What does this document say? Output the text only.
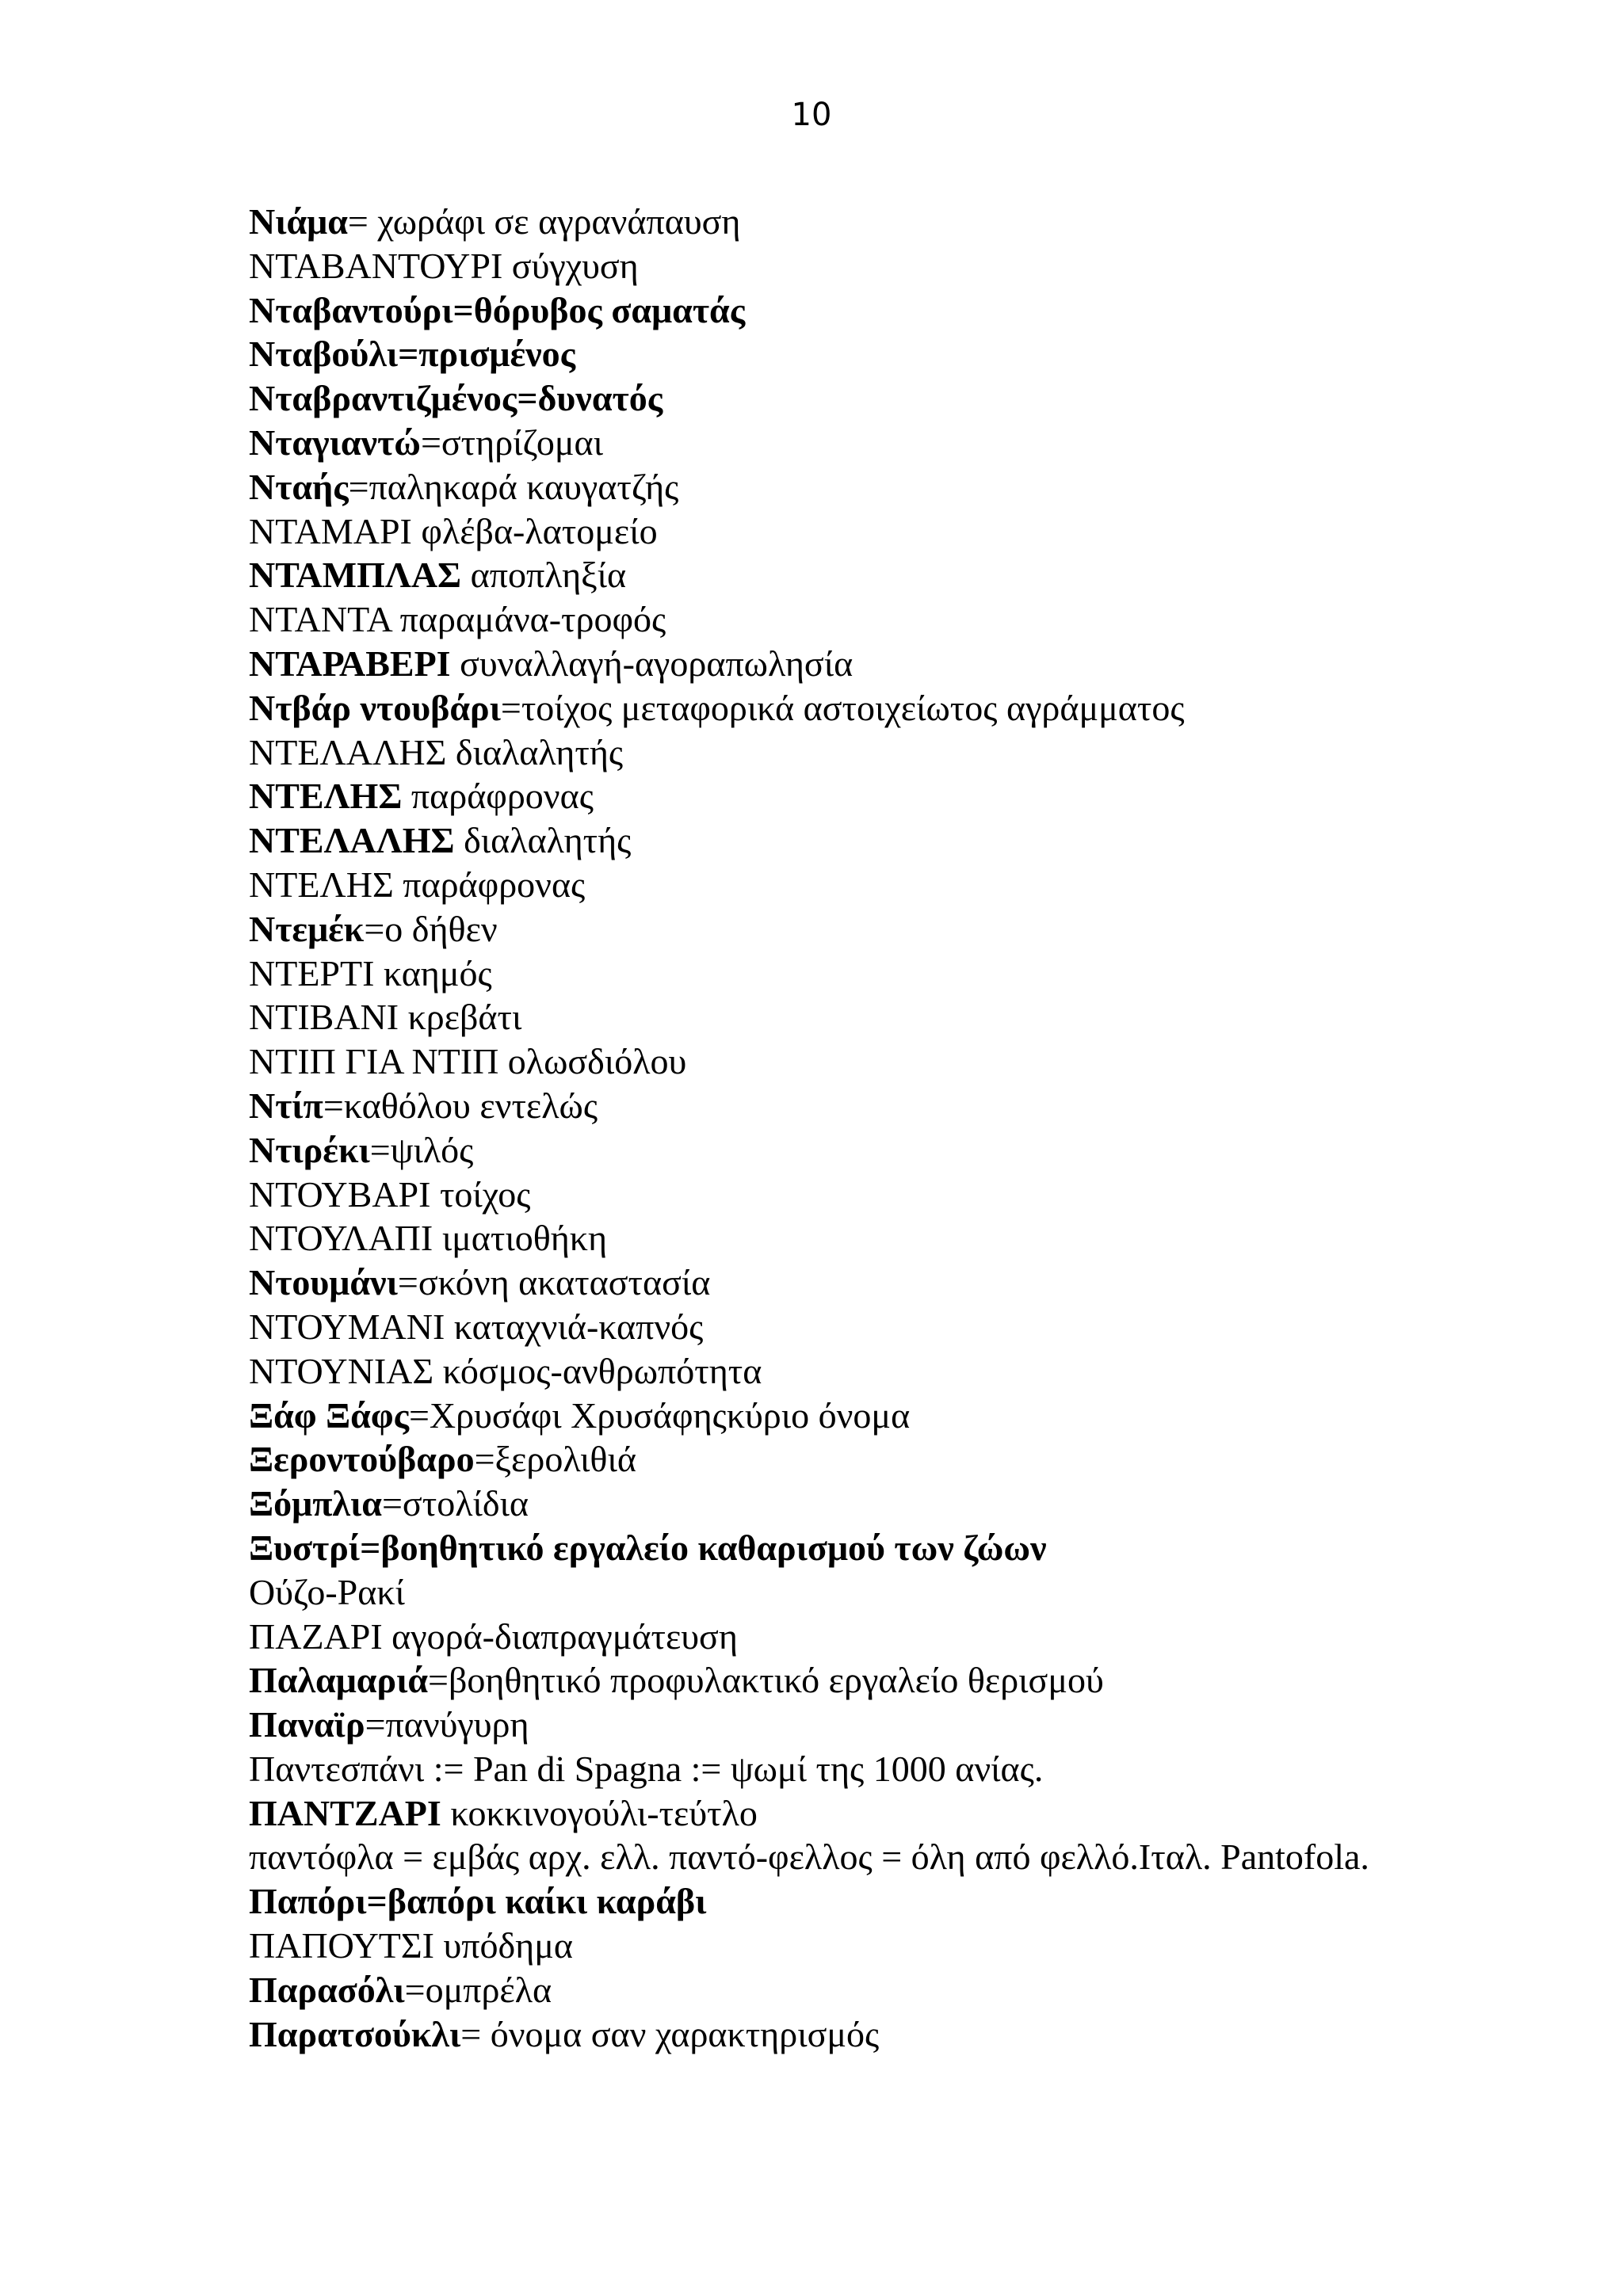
10
Νιάμα= χωράφι σε αγρανάπαυση
ΝΤΑΒΑΝΤΟΥΡΙ σύγχυση
Νταβαντούρι=θόρυβος σαματάς
Νταβούλι=πρισμένος
Νταβραντιζμένος=δυνατός
Νταγιαντώ=στηρίζομαι
Νταής=παληκαρά καυγατζής
ΝΤΑΜΑΡΙ φλέβα-λατομείο
ΝΤΑΜΠΛΑΣ αποπληξία
ΝΤΑΝΤΑ παραμάνα-τροφός
ΝΤΑΡΑΒΕΡΙ συναλλαγή-αγοραπωλησία
Ντβάρ ντουβάρι=τοίχος μεταφορικά αστοιχείωτος αγράμματος
ΝΤΕΛΑΛΗΣ διαλαλητής
ΝΤΕΛΗΣ παράφρονας
ΝΤΕΛΑΛΗΣ διαλαλητής
ΝΤΕΛΗΣ παράφρονας
Ντεμέκ=ο δήθεν
ΝΤΕΡΤΙ καημός
ΝΤΙΒΑΝΙ κρεβάτι
ΝΤΙΠ ΓΙΑ ΝΤΙΠ ολωσδιόλου
Ντίπ=καθόλου εντελώς
Ντιρέκι=ψιλός
ΝΤΟΥΒΑΡΙ τοίχος
ΝΤΟΥΛΑΠΙ ιματιοθήκη
Ντουμάνι=σκόνη ακαταστασία
ΝΤΟΥΜΑΝΙ καταχνιά-καπνός
ΝΤΟΥΝΙΑΣ κόσμος-ανθρωπότητα
Ξάφ Ξάφς=Χρυσάφι Χρυσάφηςκύριο όνομα
Ξεροντούβαρο=ξερολιθιά
Ξόμπλια=στολίδια
Ξυστρί=βοηθητικό εργαλείο καθαρισμού των ζώων
Ούζο-Ρακί
ΠΑΖΑΡΙ αγορά-διαπραγμάτευση
Παλαμαριά=βοηθητικό προφυλακτικό εργαλείο θερισμού
Παναϊρ=πανύγυρη
Παντεσπάνι := Pan di Spagna := ψωμί της 1000 ανίας.
ΠΑΝΤΖΑΡΙ κοκκινογούλι-τεύτλο
παντόφλα = εμβάς αρχ. ελλ. παντό-φελλος = όλη από φελλό.Ιταλ. Pantofola.
Παπόρι=βαπόρι καίκι καράβι
ΠΑΠΟΥΤΣΙ υπόδημα
Παρασόλι=ομπρέλα
Παρατσούκλι= όνομα σαν χαρακτηρισμός
